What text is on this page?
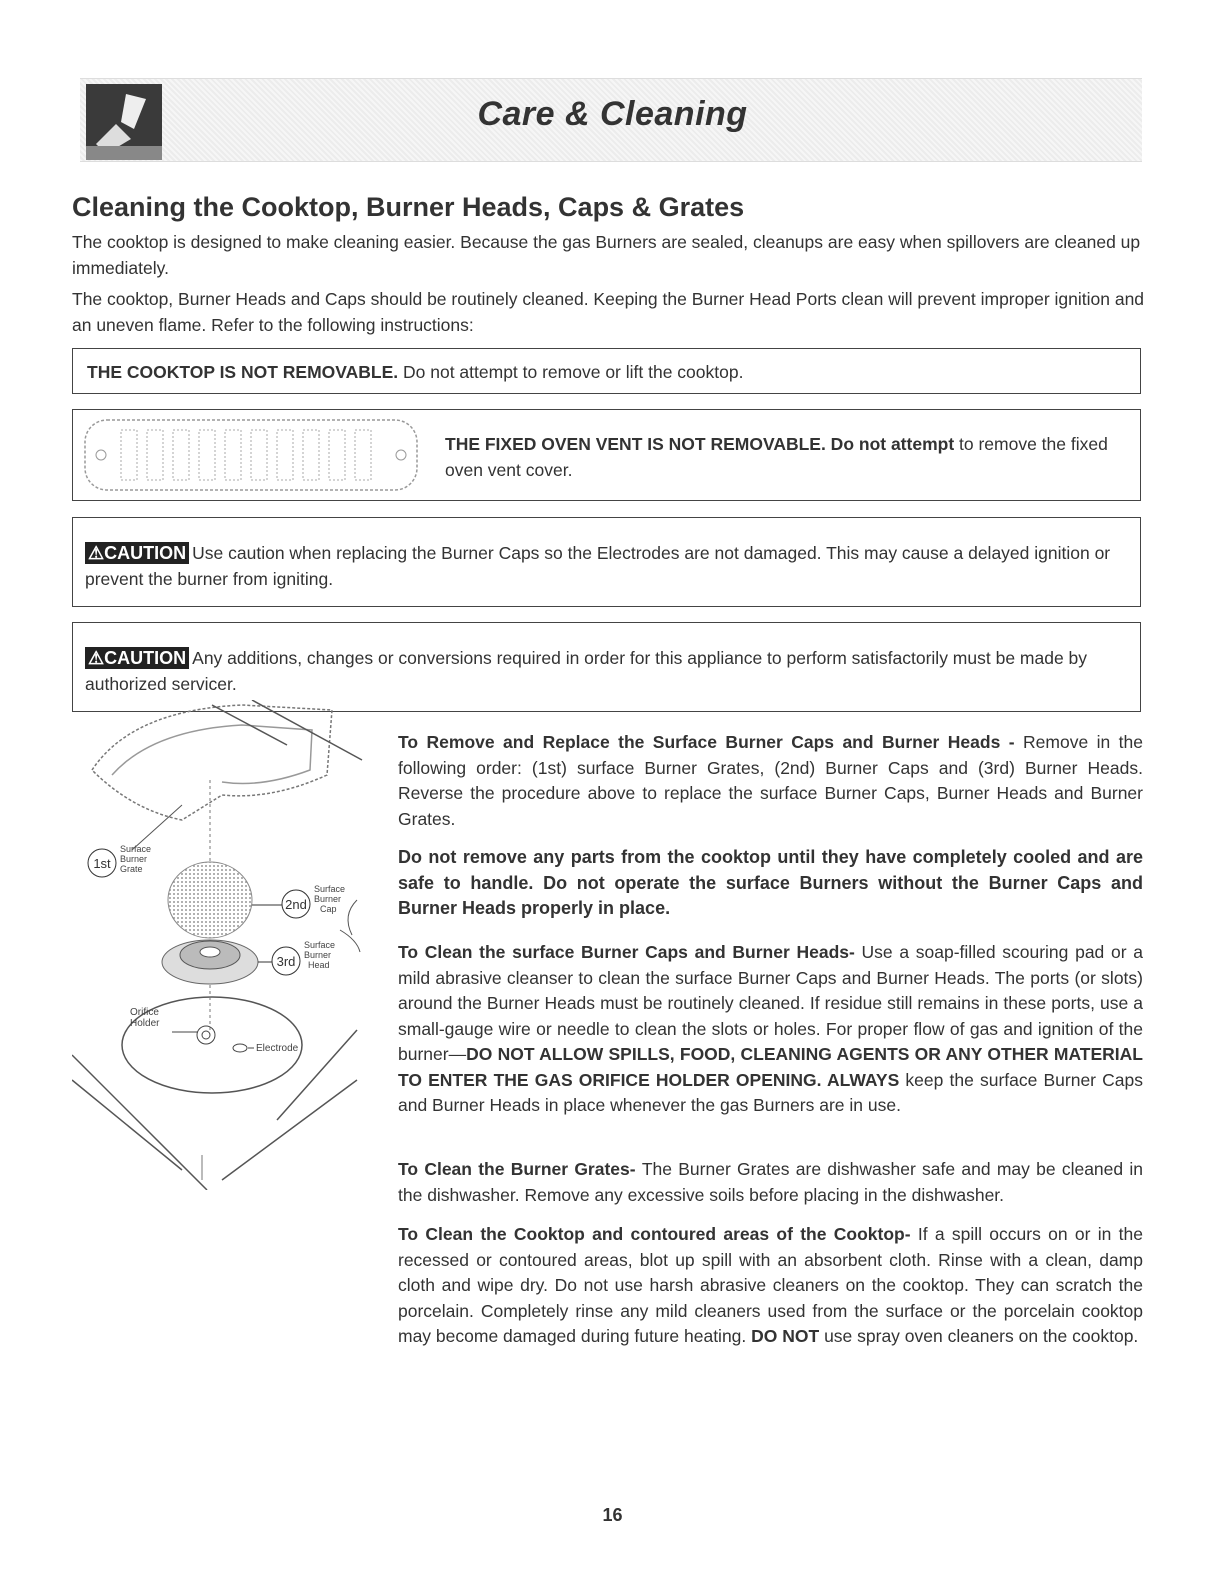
Care & Cleaning
Cleaning the Cooktop, Burner Heads, Caps & Grates

The cooktop is designed to make cleaning easier. Because the gas Burners are sealed, cleanups are easy when spillovers are cleaned up immediately.

The cooktop, Burner Heads and Caps should be routinely cleaned. Keeping the Burner Head Ports clean will prevent improper ignition and an uneven flame. Refer to the following instructions:

THE COOKTOP IS NOT REMOVABLE. Do not attempt to remove or lift the cooktop.
THE FIXED OVEN VENT IS NOT REMOVABLE. Do not attempt to remove the fixed oven vent cover.
⚠CAUTION Use caution when replacing the Burner Caps so the Electrodes are not damaged. This may cause a delayed ignition or prevent the burner from igniting.
⚠CAUTION Any additions, changes or conversions required in order for this appliance to perform satisfactorily must be made by authorized servicer.
1st
Surface
Burner
Grate
2nd
Surface
Burner
Cap
3rd
Surface
Burner
Head
Orifice
Holder
Electrode

To Remove and Replace the Surface Burner Caps and Burner Heads - Remove in the following order: (1st) surface Burner Grates, (2nd) Burner Caps and (3rd) Burner Heads. Reverse the procedure above to replace the surface Burner Caps, Burner Heads and Burner Grates.

Do not remove any parts from the cooktop until they have completely cooled and are safe to handle. Do not operate the surface Burners without the Burner Caps and Burner Heads properly in place.

To Clean the surface Burner Caps and Burner Heads- Use a soap-filled scouring pad or a mild abrasive cleanser to clean the surface Burner Caps and Burner Heads. The ports (or slots) around the Burner Heads must be routinely cleaned. If residue still remains in these ports, use a small-gauge wire or needle to clean the slots or holes. For proper flow of gas and ignition of the burner—DO NOT ALLOW SPILLS, FOOD, CLEANING AGENTS OR ANY OTHER MATERIAL TO ENTER THE GAS ORIFICE HOLDER OPENING. ALWAYS keep the surface Burner Caps and Burner Heads in place whenever the gas Burners are in use.

To Clean the Burner Grates- The Burner Grates are dishwasher safe and may be cleaned in the dishwasher. Remove any excessive soils before placing in the dishwasher.

To Clean the Cooktop and contoured areas of the Cooktop- If a spill occurs on or in the recessed or contoured areas, blot up spill with an absorbent cloth. Rinse with a clean, damp cloth and wipe dry. Do not use harsh abrasive cleaners on the cooktop. They can scratch the porcelain. Completely rinse any mild cleaners used from the surface or the porcelain cooktop may become damaged during future heating. DO NOT use spray oven cleaners on the cooktop.

16
